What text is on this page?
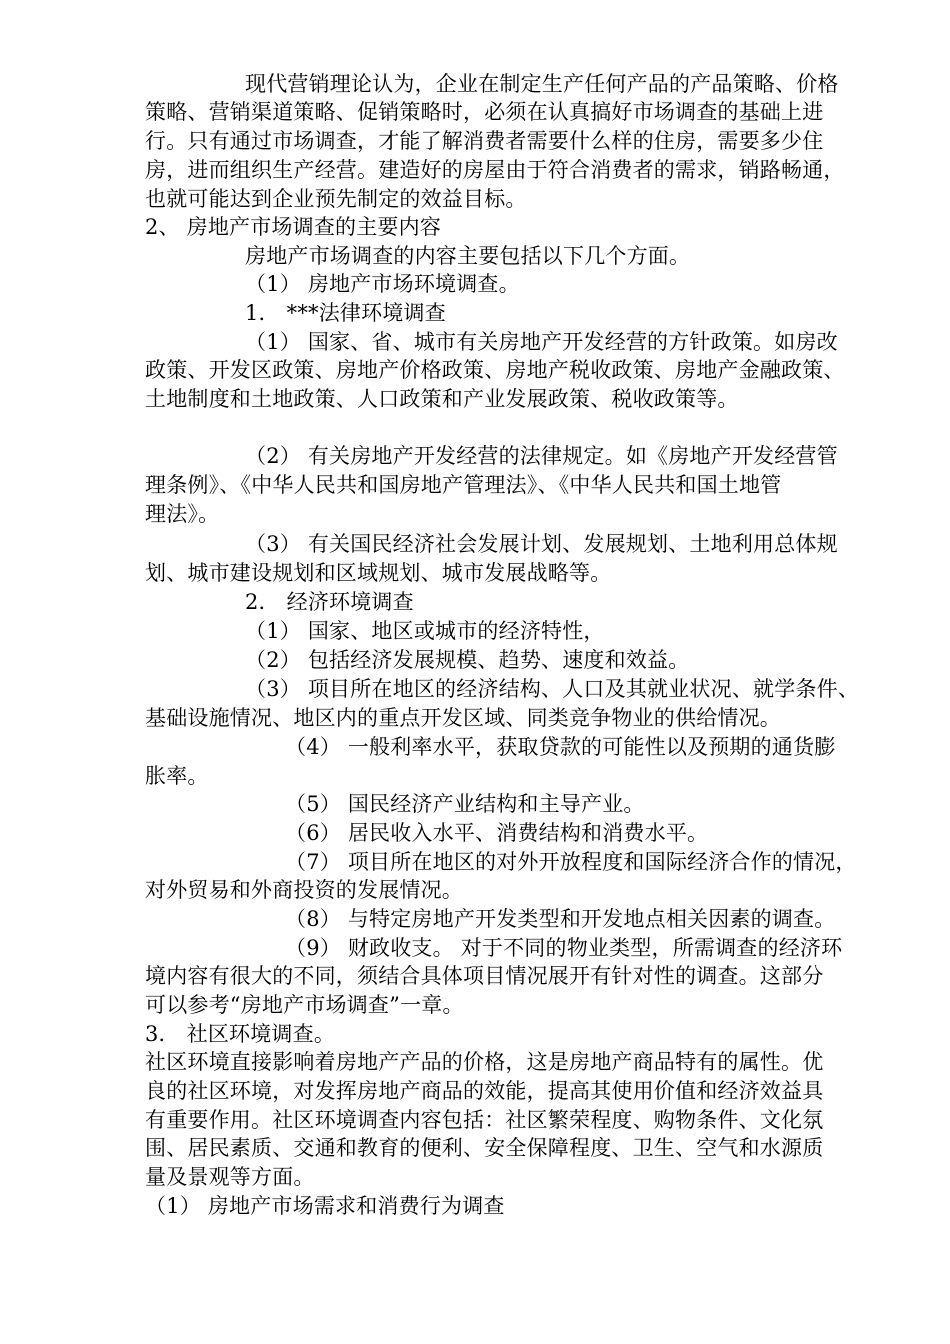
现代营销理论认为，企业在制定生产任何产品的产品策略、价格
策略、营销渠道策略、促销策略时，必须在认真搞好市场调查的基础上进
行。只有通过市场调查，才能了解消费者需要什么样的住房，需要多少住
房，进而组织生产经营。建造好的房屋由于符合消费者的需求，销路畅通，
也就可能达到企业预先制定的效益目标。
2、 房地产市场调查的主要内容
房地产市场调查的内容主要包括以下几个方面。
（1） 房地产市场环境调查。
1． ***法律环境调查
（1） 国家、省、城市有关房地产开发经营的方针政策。如房改
政策、开发区政策、房地产价格政策、房地产税收政策、房地产金融政策、
土地制度和土地政策、人口政策和产业发展政策、税收政策等。
（2） 有关房地产开发经营的法律规定。如《房地产开发经营管
理条例》、《中华人民共和国房地产管理法》、《中华人民共和国土地管
理法》。
（3） 有关国民经济社会发展计划、发展规划、土地利用总体规
划、城市建设规划和区域规划、城市发展战略等。
2． 经济环境调查
（1） 国家、地区或城市的经济特性，
（2） 包括经济发展规模、趋势、速度和效益。
（3） 项目所在地区的经济结构、人口及其就业状况、就学条件、
基础设施情况、地区内的重点开发区域、同类竞争物业的供给情况。
（4） 一般利率水平，获取贷款的可能性以及预期的通货膨
胀率。
（5） 国民经济产业结构和主导产业。
（6） 居民收入水平、消费结构和消费水平。
（7） 项目所在地区的对外开放程度和国际经济合作的情况，
对外贸易和外商投资的发展情况。
（8） 与特定房地产开发类型和开发地点相关因素的调查。
（9） 财政收支。 对于不同的物业类型，所需调查的经济环
境内容有很大的不同，须结合具体项目情况展开有针对性的调查。这部分
可以参考“房地产市场调查”一章。
3． 社区环境调查。
社区环境直接影响着房地产产品的价格，这是房地产商品特有的属性。优
良的社区环境，对发挥房地产商品的效能，提高其使用价值和经济效益具
有重要作用。社区环境调查内容包括：社区繁荣程度、购物条件、文化氛
围、居民素质、交通和教育的便利、安全保障程度、卫生、空气和水源质
量及景观等方面。
（1） 房地产市场需求和消费行为调查
